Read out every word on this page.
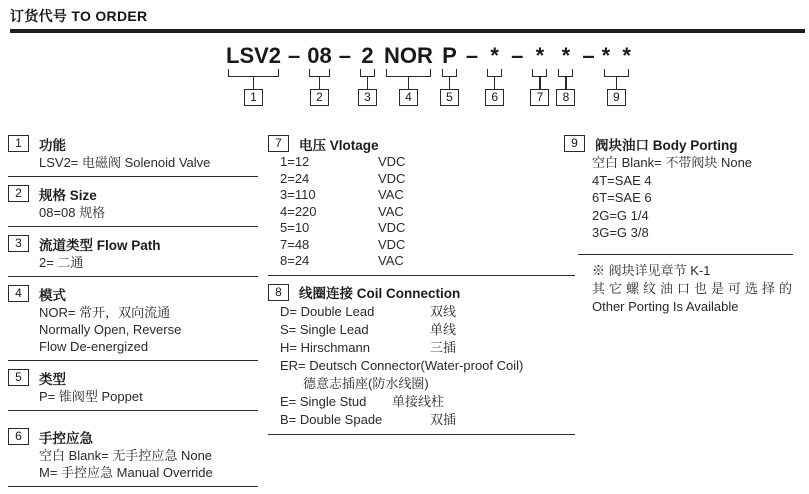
订货代号 TO ORDER
LSV2
1
– 08
2
– 2
3
NOR
4
P
5
– *
6
– *
7
*
8
– * *
9
1	功能
LSV2= 电磁阀 Solenoid Valve
2	规格 Size
08=08 规格
3	流道类型 Flow Path
2= 二通
4	模式
NOR= 常开，双向流通
Normally Open, Reverse
Flow De-energized
5	类型
P= 锥阀型 Poppet
6	手控应急
空白 Blank= 无手控应急 None
M= 手控应急 Manual Override
7	电压 Vlotage
1=12	VDC
2=24	VDC
3=110	VAC
4=220	VAC
5=10	VDC
7=48	VDC
8=24	VAC
8	线圈连接 Coil Connection
D= Double Lead	双线
S= Single Lead	单线
H= Hirschmann	三插
ER= Deutsch Connector(Water-proof Coil)
德意志插座(防水线圈)
E= Single Stud	单接线柱
B= Double Spade	双插
9	阀块油口 Body Porting
空白 Blank= 不带阀块 None
4T=SAE 4
6T=SAE 6
2G=G 1/4
3G=G 3/8
※ 阀块详见章节 K-1
其它螺纹油口也是可选择的
Other Porting Is Available
